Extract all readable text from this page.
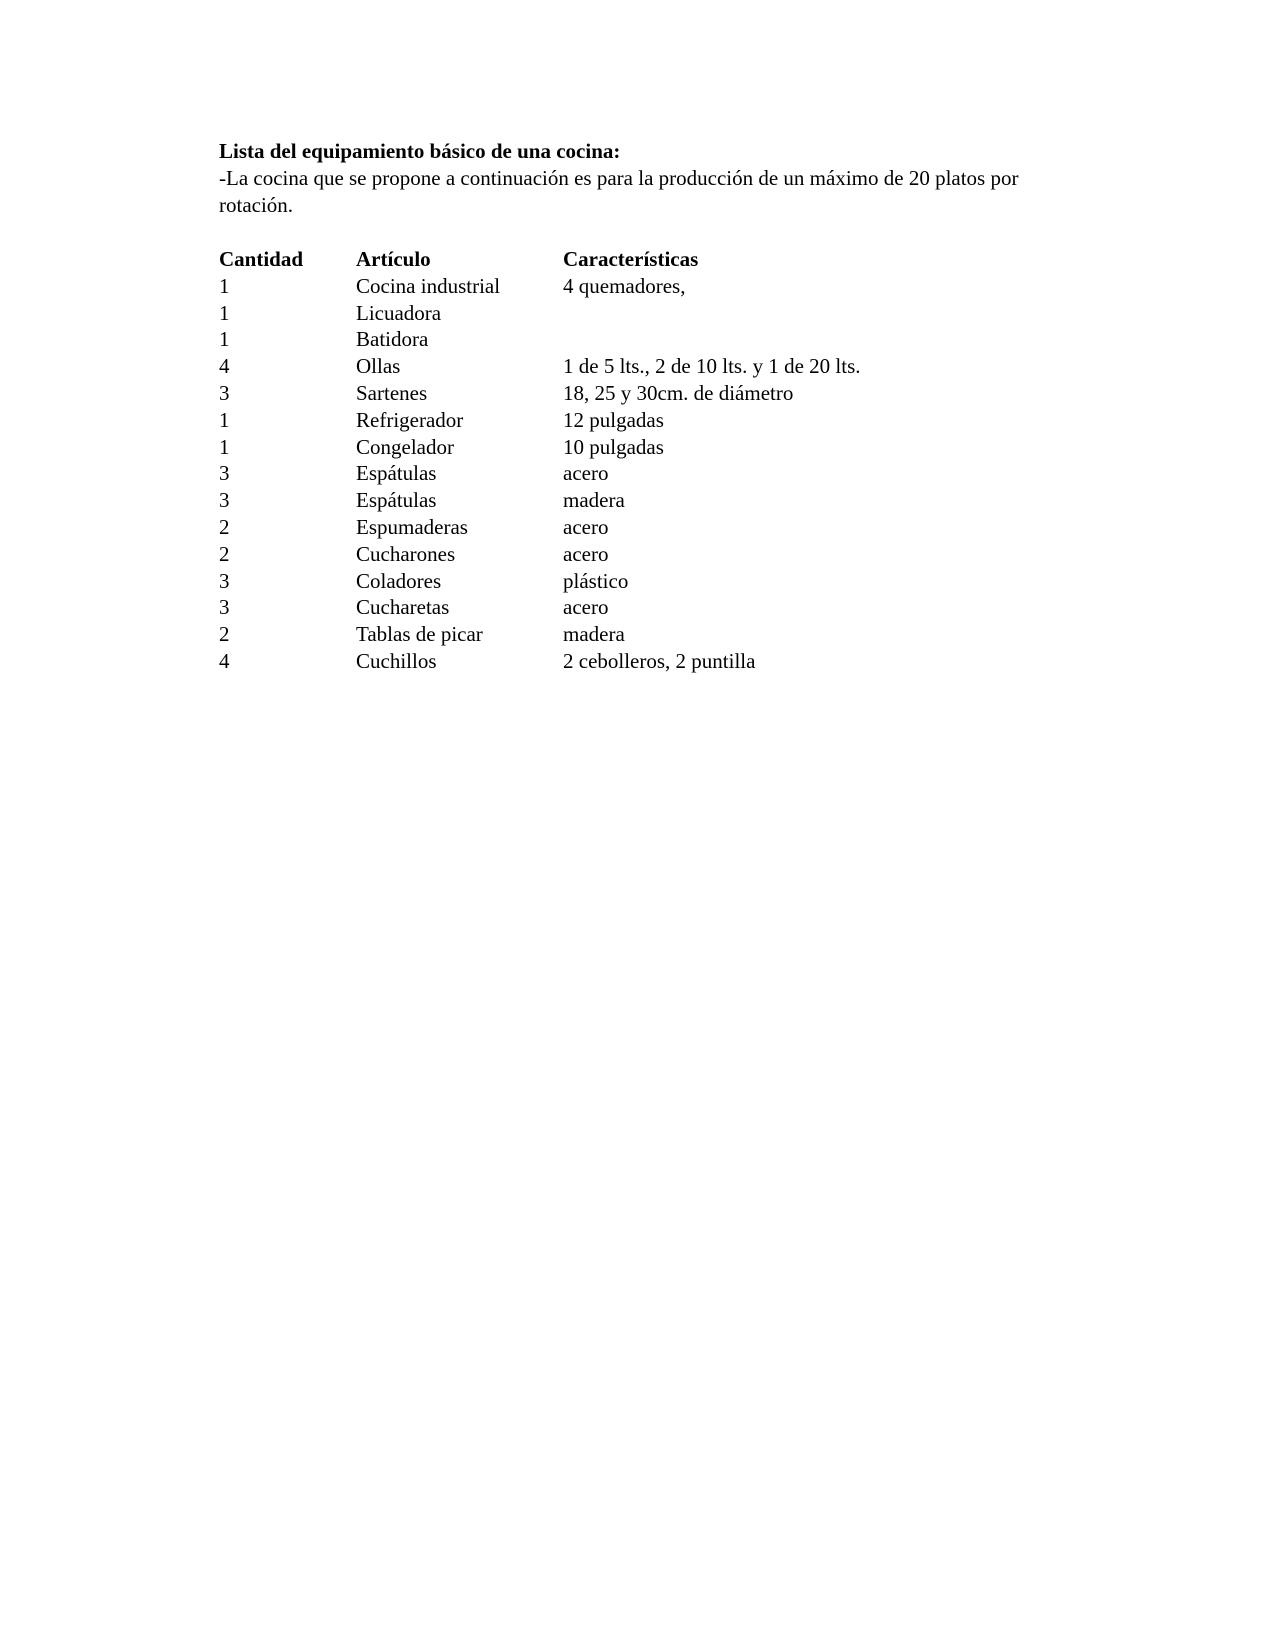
Lista del equipamiento básico de una cocina:

-La cocina que se propone a continuación es para la producción de un máximo de 20 platos por rotación.

Cantidad	Artículo	Características
1	Cocina industrial	4 quemadores,
1	Licuadora	
1	Batidora	
4	Ollas	1 de 5 lts., 2 de 10 lts. y 1 de 20 lts.
3	Sartenes	18, 25 y 30cm. de diámetro
1	Refrigerador	12 pulgadas
1	Congelador	10 pulgadas
3	Espátulas	acero
3	Espátulas	madera
2	Espumaderas	acero
2	Cucharones	acero
3	Coladores	plástico
3	Cucharetas	acero
2	Tablas de picar	madera
4	Cuchillos	2 cebolleros, 2 puntilla
